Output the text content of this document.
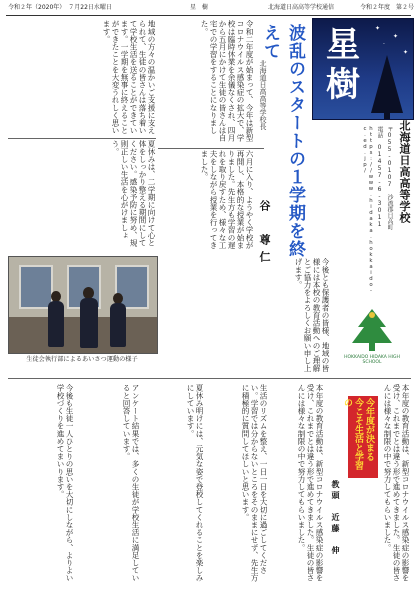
令和２年（2020年）　７月22日水曜日	星　樹	北海道日高高等学校通信	令和２年度　第２号
✦
✦
✦
·
星
樹
北海道日高高等学校
〒055-0107　沙流郡日高町
電話　01457-6-3011
https://www.hidaka.hokkaido-c.ed.jp/
波乱のスタートの１学期を終えて
北海道日高高等学校長
谷　尊仁
令和二年度が始まって、今年は新型コロナウイルス感染症の拡大で、学校は臨時休業を余儀なくされ、四月から五月にかけて生徒の皆さんは自宅での学習をすることになりました。
六月に入り、ようやく学校が再開し、本格的な授業が始まりました。先生方も学習の遅れを取り戻すため、様々な工夫をしながら授業を行ってきました。
地域の方々の温かいご支援に支えられて、生徒の皆さんは落ち着いて学校生活を送ることができています。一学期を無事に終えることができたことを大変うれしく思います。
夏休みは、二学期に向けて心と体をしっかり整える期間にしてください。感染予防に努め、規則正しい生活を心がけましょう。
今後とも保護者の皆様、地域の皆様には本校の教育活動へのご理解とご協力をよろしくお願い申し上げます。
HOKKAIDO HIDAKA HIGH SCHOOL
生徒会執行部によるあいさつ運動の様子
今年度が決まる
今こそ生活と学習の
教頭　近藤　伸
本年度の教育活動は、新型コロナウイルス感染症の影響を受け、これまでとは違う形で進めてきました。生徒の皆さんには様々な制限の中で努力してもらいました。
生活のリズムを整え、一日一日を大切に過ごしてください。学習では分からないところをそのままにせず、先生方に積極的に質問してほしいと思います。
夏休み明けには、元気な姿で登校してくれることを楽しみにしています。
アンケート結果では、多くの生徒が学校生活に満足していると回答しています。
今後も生徒一人ひとりの思いを大切にしながら、よりよい学校づくりを進めてまいります。	本年度の教育活動は、新型コロナウイルス感染症の影響を受け、これまでとは違う形で進めてきました。生徒の皆さんには様々な制限の中で努力してもらいました。
